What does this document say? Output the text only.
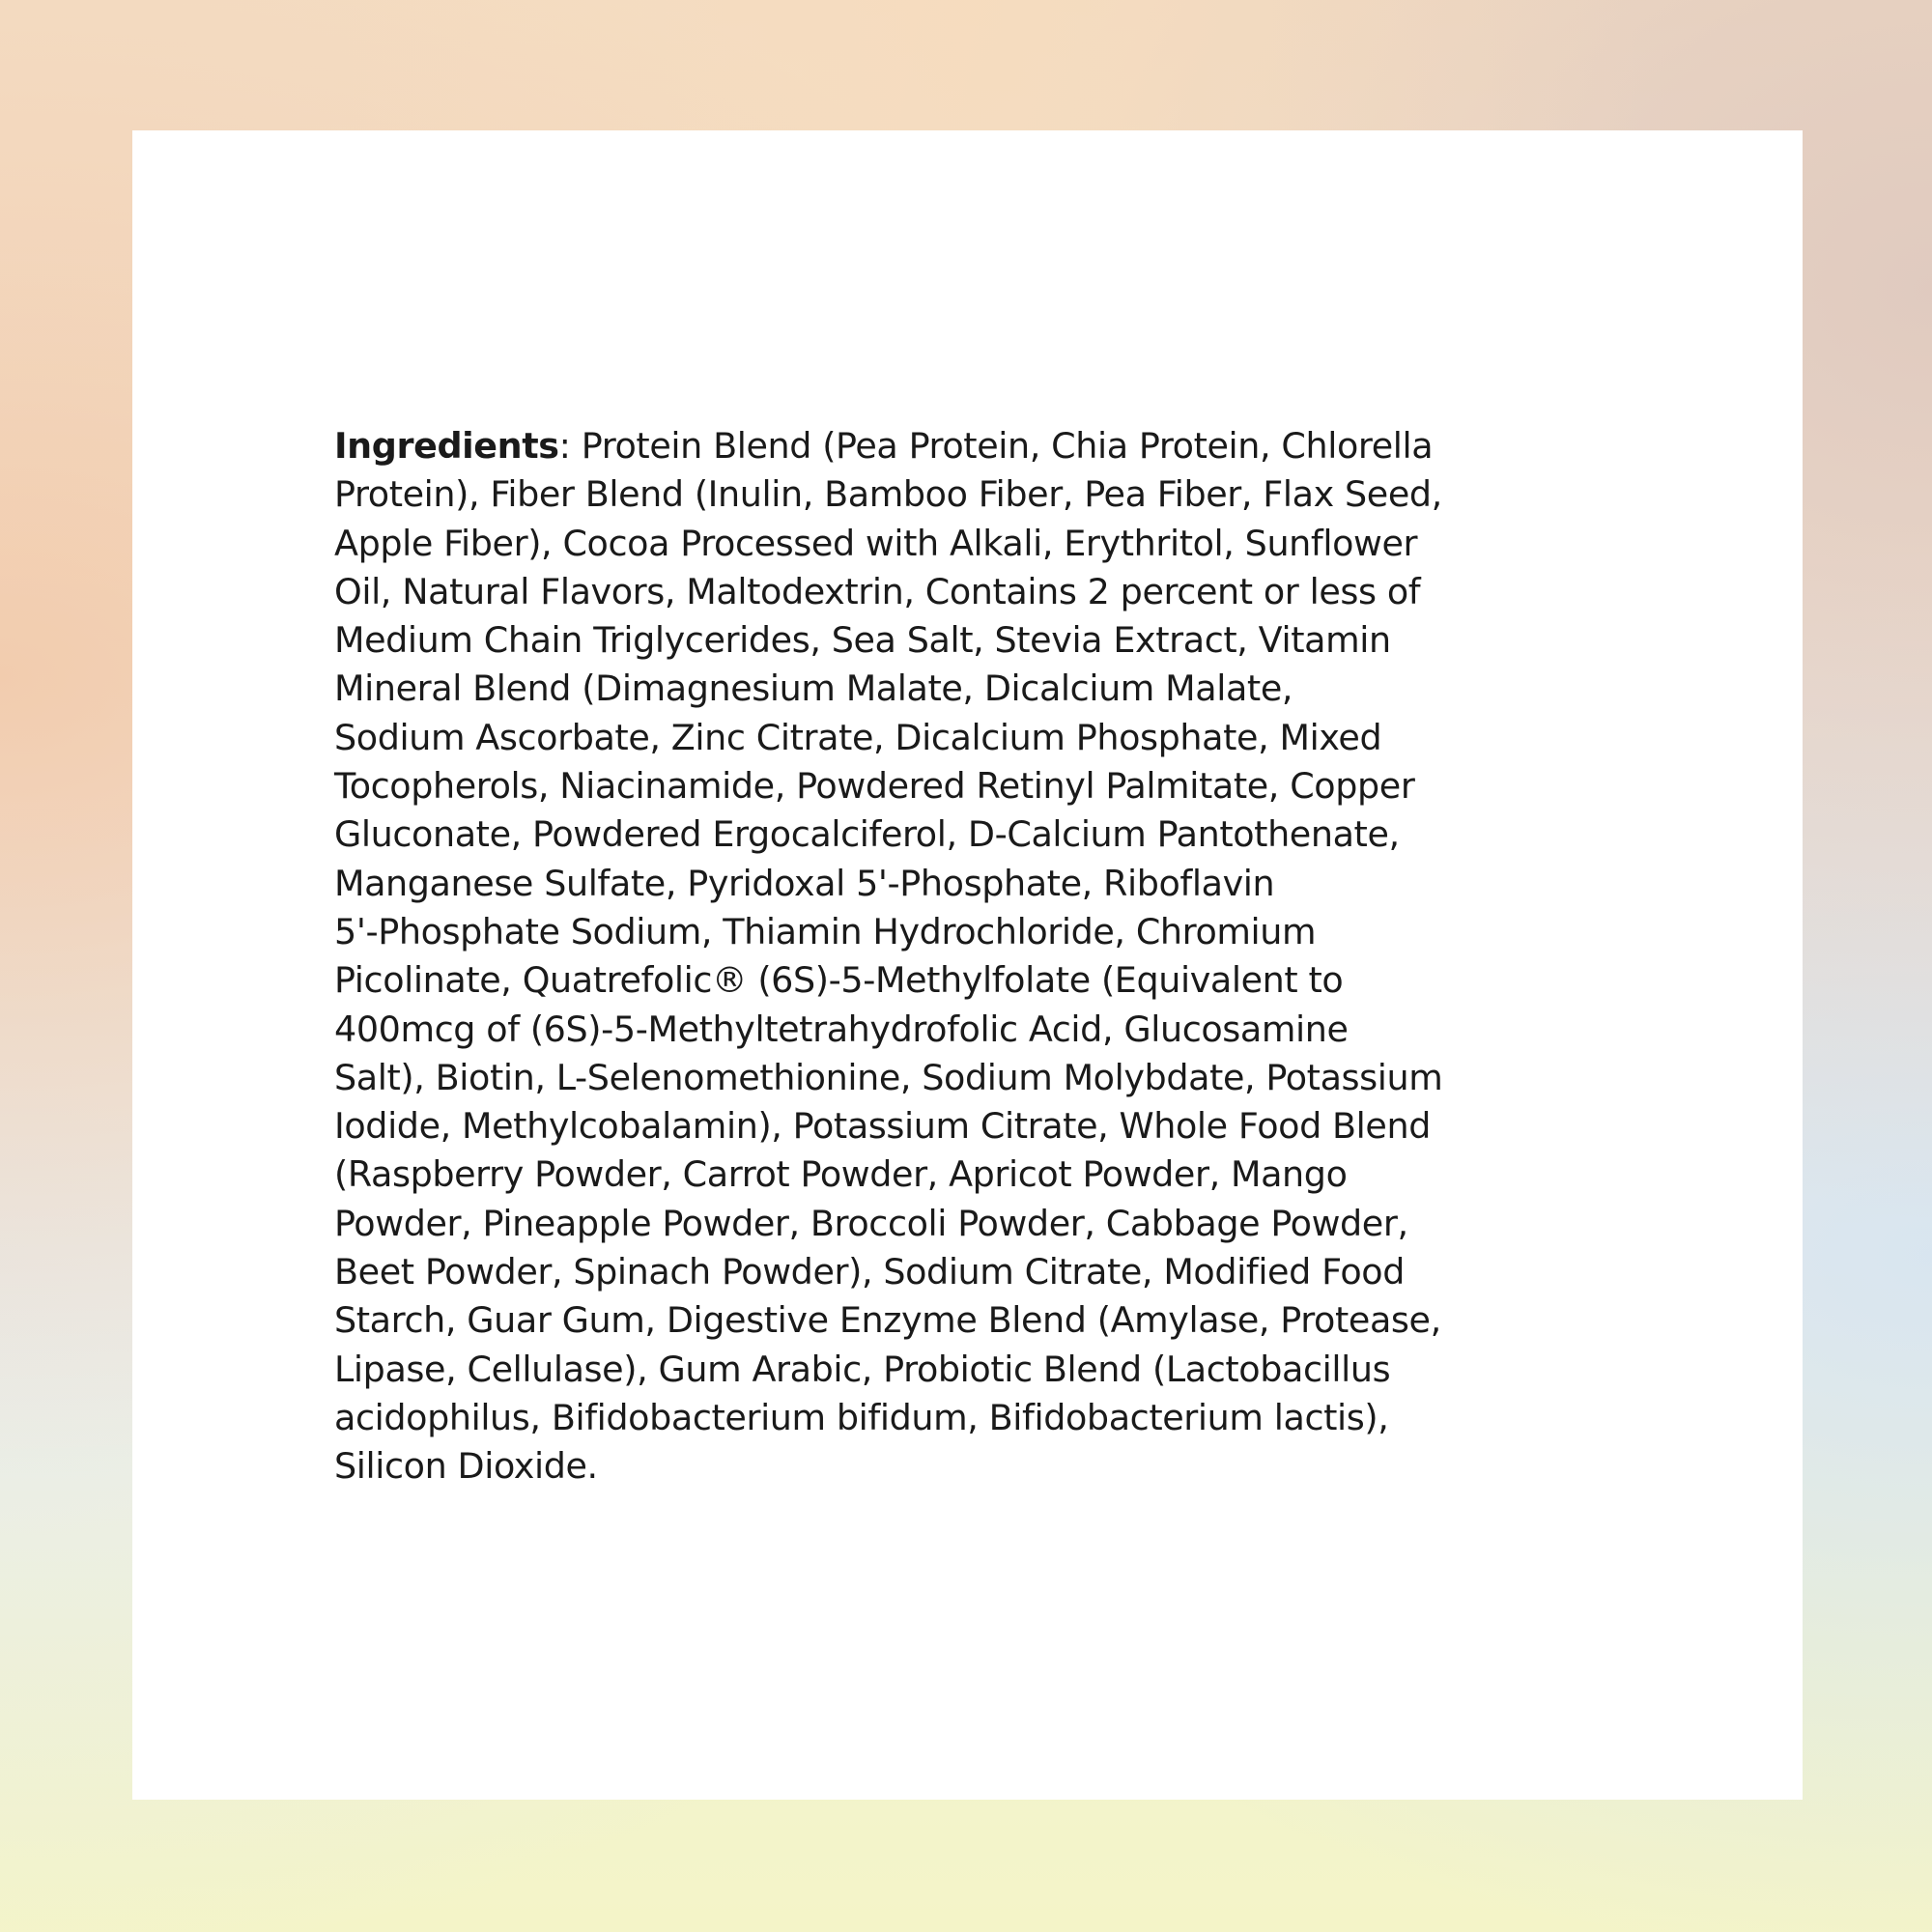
Ingredients: Protein Blend (Pea Protein, Chia Protein, Chlorella
Protein), Fiber Blend (Inulin, Bamboo Fiber, Pea Fiber, Flax Seed,
Apple Fiber), Cocoa Processed with Alkali, Erythritol, Sunflower
Oil, Natural Flavors, Maltodextrin, Contains 2 percent or less of
Medium Chain Triglycerides, Sea Salt, Stevia Extract, Vitamin
Mineral Blend (Dimagnesium Malate, Dicalcium Malate,
Sodium Ascorbate, Zinc Citrate, Dicalcium Phosphate, Mixed
Tocopherols, Niacinamide, Powdered Retinyl Palmitate, Copper
Gluconate, Powdered Ergocalciferol, D-Calcium Pantothenate,
Manganese Sulfate, Pyridoxal 5'-Phosphate, Riboflavin
5'-Phosphate Sodium, Thiamin Hydrochloride, Chromium
Picolinate, Quatrefolic® (6S)-5-Methylfolate (Equivalent to
400mcg of (6S)-5-Methyltetrahydrofolic Acid, Glucosamine
Salt), Biotin, L-Selenomethionine, Sodium Molybdate, Potassium
Iodide, Methylcobalamin), Potassium Citrate, Whole Food Blend
(Raspberry Powder, Carrot Powder, Apricot Powder, Mango
Powder, Pineapple Powder, Broccoli Powder, Cabbage Powder,
Beet Powder, Spinach Powder), Sodium Citrate, Modified Food
Starch, Guar Gum, Digestive Enzyme Blend (Amylase, Protease,
Lipase, Cellulase), Gum Arabic, Probiotic Blend (Lactobacillus
acidophilus, Bifidobacterium bifidum, Bifidobacterium lactis),
Silicon Dioxide.
